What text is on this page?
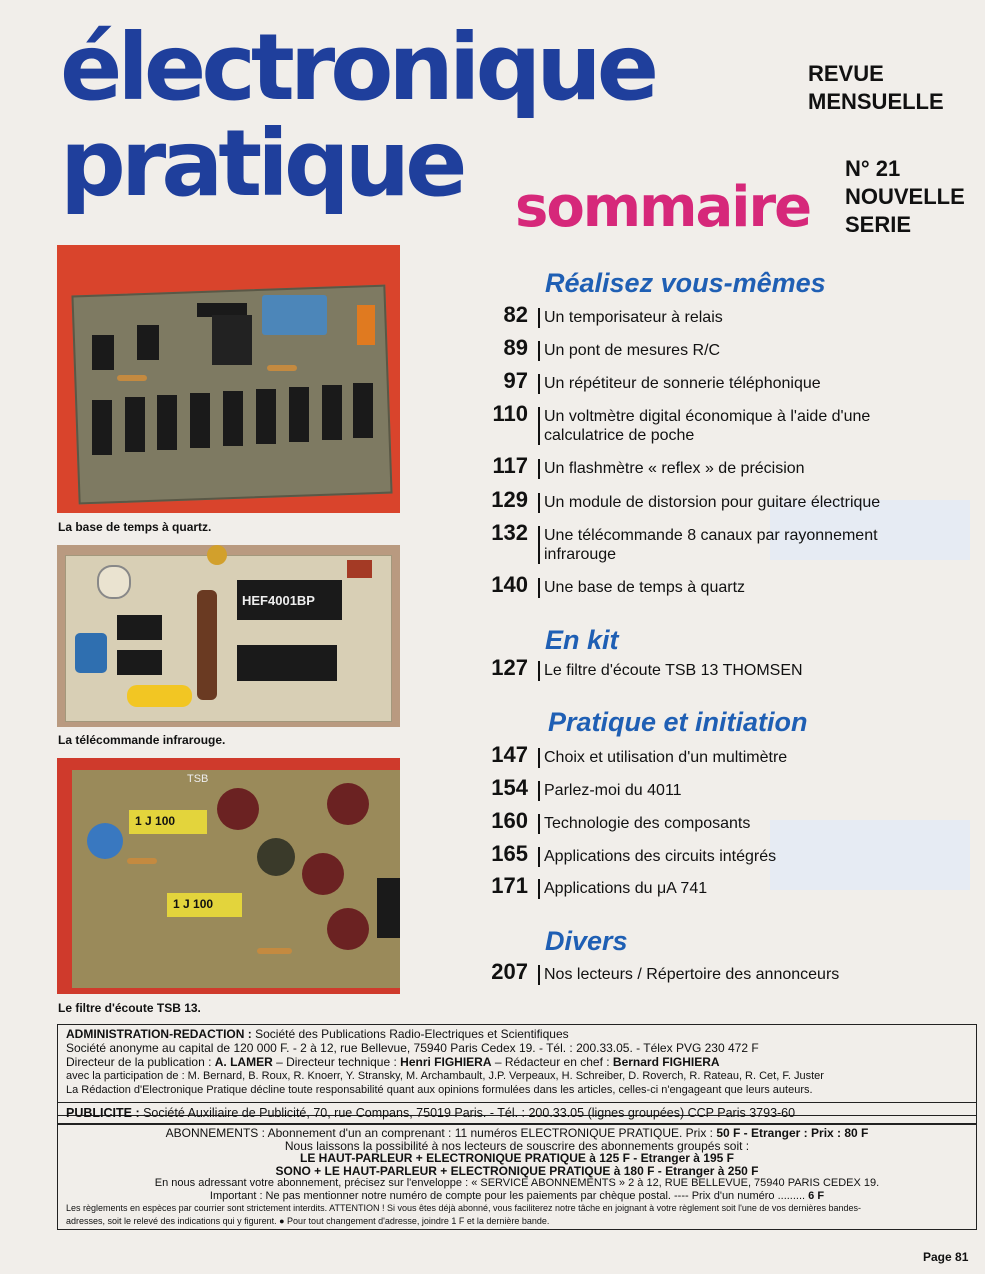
électronique
pratique sommaire
REVUE
MENSUELLE
N° 21
NOUVELLE
SERIE
La base de temps à quartz.
HEF4001BP
La télécommande infrarouge.
TSB
1 J 100
1 J 100
Le filtre d'écoute TSB 13.
Réalisez vous-mêmes
82 Un temporisateur à relais
89 Un pont de mesures R/C
97 Un répétiteur de sonnerie téléphonique
110 Un voltmètre digital économique à l'aide d'une calculatrice de poche
117 Un flashmètre « reflex » de précision
129 Un module de distorsion pour guitare électrique
132 Une télécommande 8 canaux par rayonnement infrarouge
140 Une base de temps à quartz
En kit
127 Le filtre d'écoute TSB 13 THOMSEN
Pratique et initiation
147 Choix et utilisation d'un multimètre
154 Parlez-moi du 4011
160 Technologie des composants
165 Applications des circuits intégrés
171 Applications du μA 741
Divers
207 Nos lecteurs / Répertoire des annonceurs
ADMINISTRATION-REDACTION : Société des Publications Radio-Electriques et Scientifiques
Société anonyme au capital de 120 000 F. - 2 à 12, rue Bellevue, 75940 Paris Cedex 19. - Tél. : 200.33.05. - Télex PVG 230 472 F
Directeur de la publication : A. LAMER – Directeur technique : Henri FIGHIERA – Rédacteur en chef : Bernard FIGHIERA
avec la participation de : M. Bernard, B. Roux, R. Knoerr, Y. Stransky, M. Archambault, J.P. Verpeaux, H. Schreiber, D. Roverch, R. Rateau, R. Cet, F. Juster
La Rédaction d'Electronique Pratique décline toute responsabilité quant aux opinions formulées dans les articles, celles-ci n'engageant que leurs auteurs.
PUBLICITE : Société Auxiliaire de Publicité, 70, rue Compans, 75019 Paris. - Tél. : 200.33.05 (lignes groupées) CCP Paris 3793-60
ABONNEMENTS : Abonnement d'un an comprenant : 11 numéros ELECTRONIQUE PRATIQUE. Prix : 50 F - Etranger : Prix : 80 F
Nous laissons la possibilité à nos lecteurs de souscrire des abonnements groupés soit :
LE HAUT-PARLEUR + ELECTRONIQUE PRATIQUE à 125 F - Etranger à 195 F
SONO + LE HAUT-PARLEUR + ELECTRONIQUE PRATIQUE à 180 F - Etranger à 250 F
En nous adressant votre abonnement, précisez sur l'enveloppe : « SERVICE ABONNEMENTS » 2 à 12, RUE BELLEVUE, 75940 PARIS CEDEX 19.
Important : Ne pas mentionner notre numéro de compte pour les paiements par chèque postal. ---- Prix d'un numéro ......... 6 F
Les règlements en espèces par courrier sont strictement interdits. ATTENTION ! Si vous êtes déjà abonné, vous faciliterez notre tâche en joignant à votre règlement soit l'une de vos dernières bandes-
adresses, soit le relevé des indications qui y figurent. ● Pour tout changement d'adresse, joindre 1 F et la dernière bande.
Page 81
